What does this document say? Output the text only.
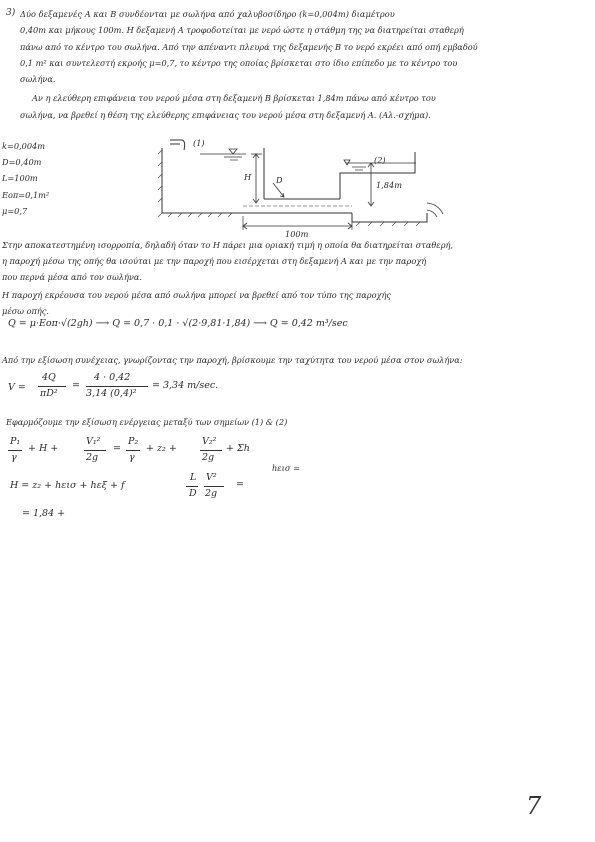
3) Δύο δεξαμενές Α και Β συνδέονται με σωλήνα από χαλυβοσίδηρο (k=0,004m) διαμέτρου
0,40m και μήκους 100m. Η δεξαμενή Α τροφοδοτείται με νερό ώστε η στάθμη της να διατηρείται σταθερή
πάνω από το κέντρο του σωλήνα. Από την απέναντι πλευρά της δεξαμενής Β το νερό εκρέει από οπή εμβαδού
0,1 m² και συντελεστή εκροής μ=0,7, το κέντρο της οποίας βρίσκεται στο ίδιο επίπεδο με το κέντρο του
σωλήνα.
Αν η ελεύθερη επιφάνεια του νερού μέσα στη δεξαμενή Β βρίσκεται 1,84m πάνω από κέντρο του
σωλήνα, να βρεθεί η θέση της ελεύθερης επιφάνειας του νερού μέσα στη δεξαμενή Α. (Αλ.-σχήμα).
k=0,004m
D=0,40m
L=100m
Eοπ=0,1m²
μ=0,7
(1)
(2)
H	D	1,84m
100m
Στην αποκατεστημένη ισορροπία, δηλαδή όταν το H πάρει μια οριακή τιμή η οποία θα διατηρείται σταθερή,
η παροχή μέσω της οπής θα ισούται με την παροχή που εισέρχεται στη δεξαμενή Α και με την παροχή
που περνά μέσα από τον σωλήνα.
Η παροχή εκρέουσα του νερού μέσα από σωλήνα μπορεί να βρεθεί από τον τύπο της παροχής
μέσω οπής.
Q = μ·Eοπ·√(2gh) ⟶ Q = 0,7 · 0,1 · √(2·9,81·1,84) ⟶ Q = 0,42 m³/sec
Από την εξίσωση συνέχειας, γνωρίζοντας την παροχή, βρίσκουμε την ταχύτητα του νερού μέσα στον σωλήνα:
V =
4Q
πD²
=
4 · 0,42
3,14 (0,4)²
= 3,34 m/sec.
Εφαρμόζουμε την εξίσωση ενέργειας μεταξύ των σημείων (1) & (2)
P₁
γ
+ H +
V₁²
2g
=
P₂
γ
+ z₂ +
V₂²
2g
+ Σh
hεισ =
H = z₂ + hεισ + hεξ + f
L
D
V²
2g
=
= 1,84 +
7
